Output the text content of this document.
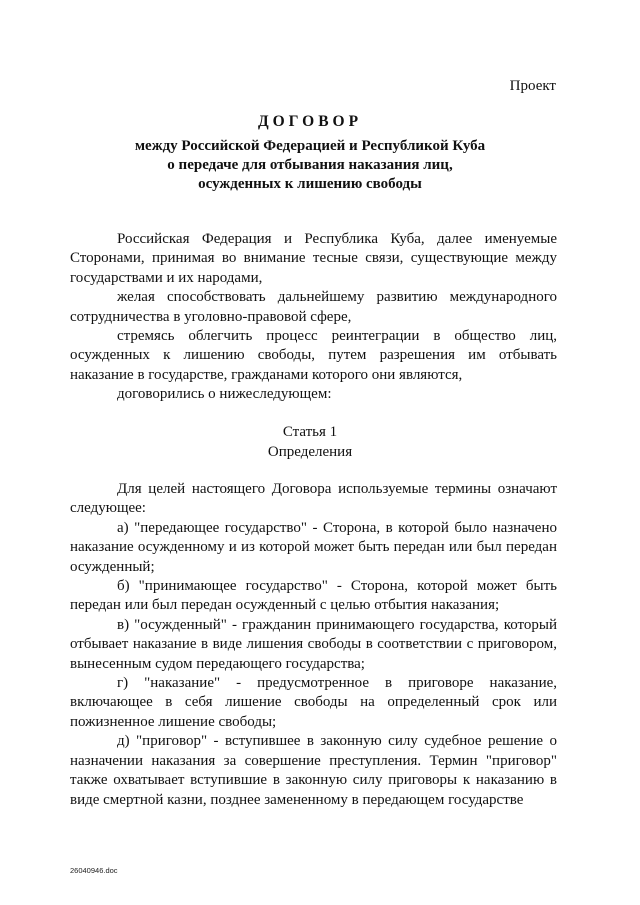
Проект
ДОГОВОР
между Российской Федерацией и Республикой Куба
о передаче для отбывания наказания лиц,
осужденных к лишению свободы

Российская Федерация и Республика Куба, далее именуемые Сторонами, принимая во внимание тесные связи, существующие между государствами и их народами,

желая способствовать дальнейшему развитию международного сотрудничества в уголовно-правовой сфере,

стремясь облегчить процесс реинтеграции в общество лиц, осужденных к лишению свободы, путем разрешения им отбывать наказание в государстве, гражданами которого они являются,

договорились о нижеследующем:

Статья 1
Определения

Для целей настоящего Договора используемые термины означают следующее:

а) "передающее государство" - Сторона, в которой было назначено наказание осужденному и из которой может быть передан или был передан осужденный;

б) "принимающее государство" - Сторона, которой может быть передан или был передан осужденный с целью отбытия наказания;

в) "осужденный" - гражданин принимающего государства, который отбывает наказание в виде лишения свободы в соответствии с приговором, вынесенным судом передающего государства;

г) "наказание" - предусмотренное в приговоре наказание, включающее в себя лишение свободы на определенный срок или пожизненное лишение свободы;

д) "приговор" - вступившее в законную силу судебное решение о назначении наказания за совершение преступления. Термин "приговор" также охватывает вступившие в законную силу приговоры к наказанию в виде смертной казни, позднее замененному в передающем государстве

26040946.doc
